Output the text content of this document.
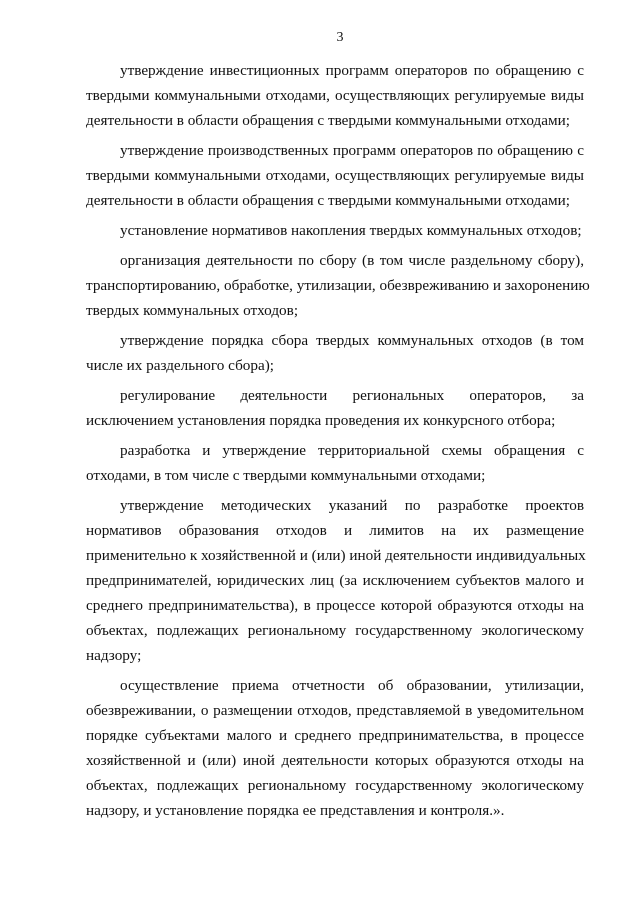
3
утверждение инвестиционных программ операторов по обращению с
твердыми коммунальными отходами, осуществляющих регулируемые виды
деятельности в области обращения с твердыми коммунальными отходами;
утверждение производственных программ операторов по обращению с
твердыми коммунальными отходами, осуществляющих регулируемые виды
деятельности в области обращения с твердыми коммунальными отходами;
установление нормативов накопления твердых коммунальных отходов;
организация деятельности по сбору (в том числе раздельному сбору),
транспортированию, обработке, утилизации, обезвреживанию и захоронению
твердых коммунальных отходов;
утверждение порядка сбора твердых коммунальных отходов (в том
числе их раздельного сбора);
регулирование деятельности региональных операторов, за
исключением установления порядка проведения их конкурсного отбора;
разработка и утверждение территориальной схемы обращения с
отходами, в том числе с твердыми коммунальными отходами;
утверждение методических указаний по разработке проектов
нормативов образования отходов и лимитов на их размещение
применительно к хозяйственной и (или) иной деятельности индивидуальных
предпринимателей, юридических лиц (за исключением субъектов малого и
среднего предпринимательства), в процессе которой образуются отходы на
объектах, подлежащих региональному государственному экологическому
надзору;
осуществление приема отчетности об образовании, утилизации,
обезвреживании, о размещении отходов, представляемой в уведомительном
порядке субъектами малого и среднего предпринимательства, в процессе
хозяйственной и (или) иной деятельности которых образуются отходы на
объектах, подлежащих региональному государственному экологическому
надзору, и установление порядка ее представления и контроля.».
